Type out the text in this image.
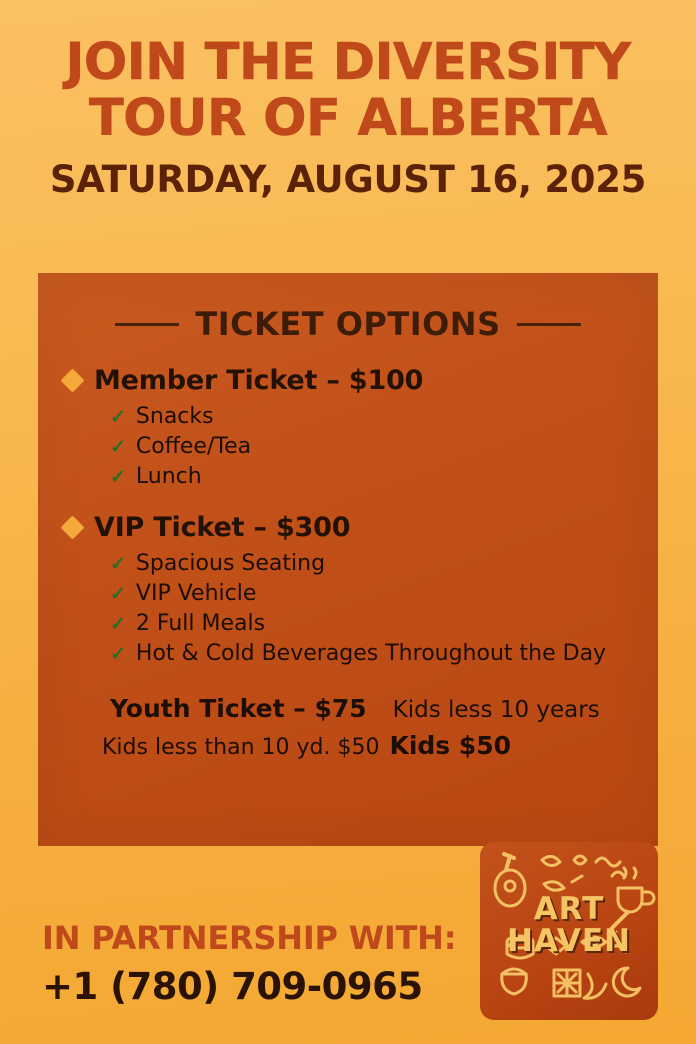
JOIN THE DIVERSITY
TOUR OF ALBERTA
SATURDAY, AUGUST 16, 2025
TICKET OPTIONS
Member Ticket – $100
✓ Snacks
✓ Coffee/Tea
✓ Lunch
VIP Ticket – $300
✓ Spacious Seating
✓ VIP Vehicle
✓ 2 Full Meals
✓ Hot & Cold Beverages Throughout the Day
Youth Ticket – $75 Kids less 10 years
Kids less than 10 yd. $50 Kids $50
IN PARTNERSHIP WITH:
+1 (780) 709-0965
ART
HAVEN
